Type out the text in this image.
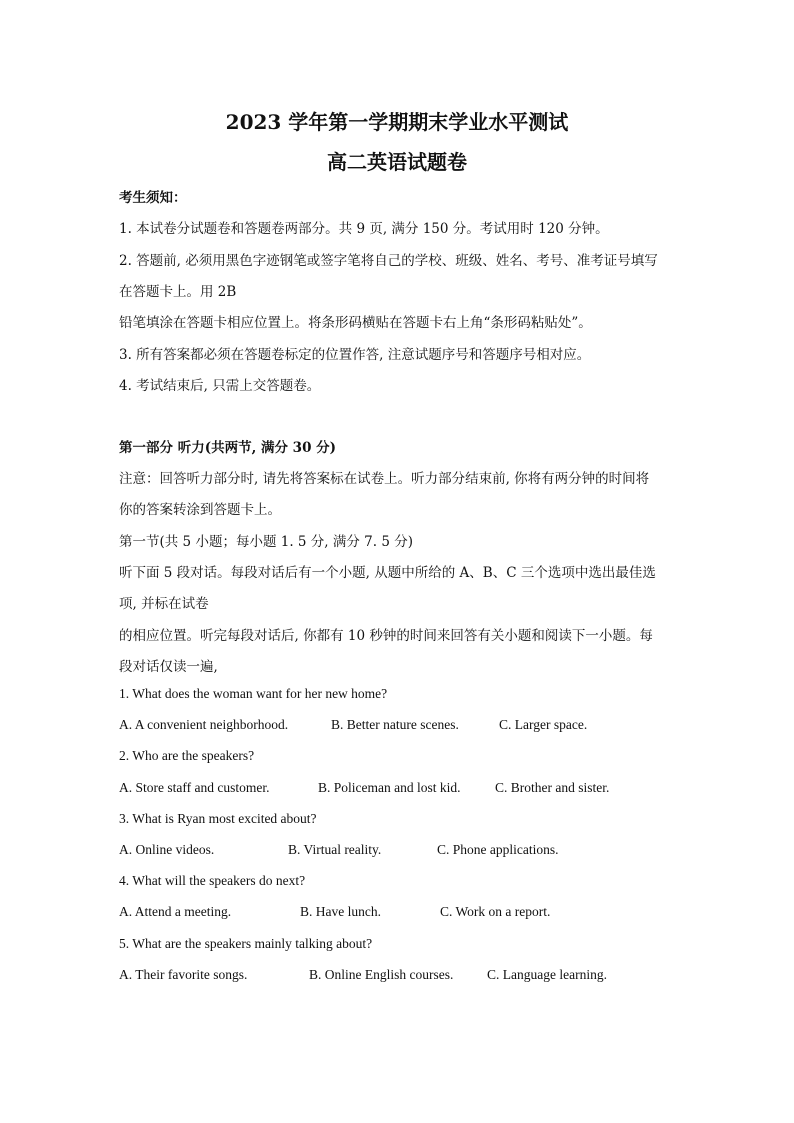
2023 学年第一学期期末学业水平测试
高二英语试题卷
考生须知：
1. 本试卷分试题卷和答题卷两部分。共 9 页, 满分 150 分。考试用时 120 分钟。
2. 答题前, 必须用黑色字迹钢笔或签字笔将自己的学校、班级、姓名、考号、准考证号填写
在答题卡上。用 2B
铅笔填涂在答题卡相应位置上。将条形码横贴在答题卡右上角“条形码粘贴处”。
3. 所有答案都必须在答题卷标定的位置作答, 注意试题序号和答题序号相对应。
4. 考试结束后, 只需上交答题卷。
第一部分 听力(共两节, 满分 30 分)
注意：回答听力部分时, 请先将答案标在试卷上。听力部分结束前, 你将有两分钟的时间将
你的答案转涂到答题卡上。
第一节(共 5 小题；每小题 1. 5 分, 满分 7. 5 分)
听下面 5 段对话。每段对话后有一个小题, 从题中所给的 A、B、C 三个选项中选出最佳选
项, 并标在试卷
的相应位置。听完每段对话后, 你都有 10 秒钟的时间来回答有关小题和阅读下一小题。每
段对话仅读一遍,
1. What does the woman want for her new home?
A. A convenient neighborhood.	B. Better nature scenes.	C. Larger space.
2. Who are the speakers?
A. Store staff and customer.	B. Policeman and lost kid.	C. Brother and sister.
3. What is Ryan most excited about?
A. Online videos.	B. Virtual reality.	C. Phone applications.
4. What will the speakers do next?
A. Attend a meeting.	B. Have lunch.	C. Work on a report.
5. What are the speakers mainly talking about?
A. Their favorite songs.	B. Online English courses. C. Language learning.
